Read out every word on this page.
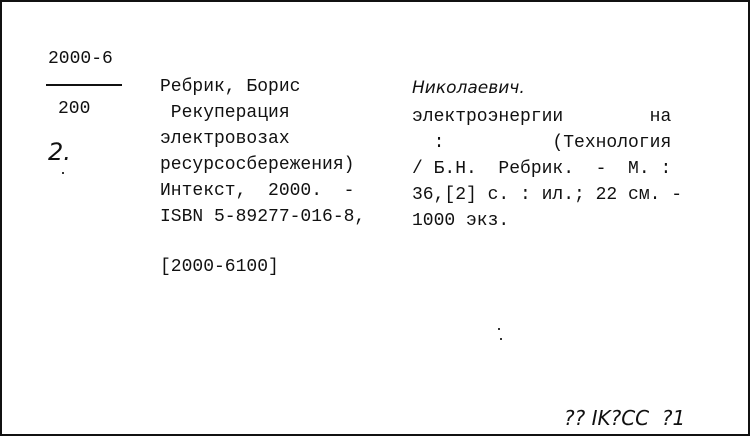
2000-6
200
2.
Ребрик, Борис	Николаевич.
Рекуперация
электровозах
ресурсосбережения)
Интекст,  2000.  -
ISBN 5-89277-016-8,
электроэнергии        на
:          (Технология
/ Б.Н.  Ребрик.  -  М. :
36,[2] с. : ил.; 22 см. -
1000 экз.
[2000-6100]
?? IK?CC  ?1
